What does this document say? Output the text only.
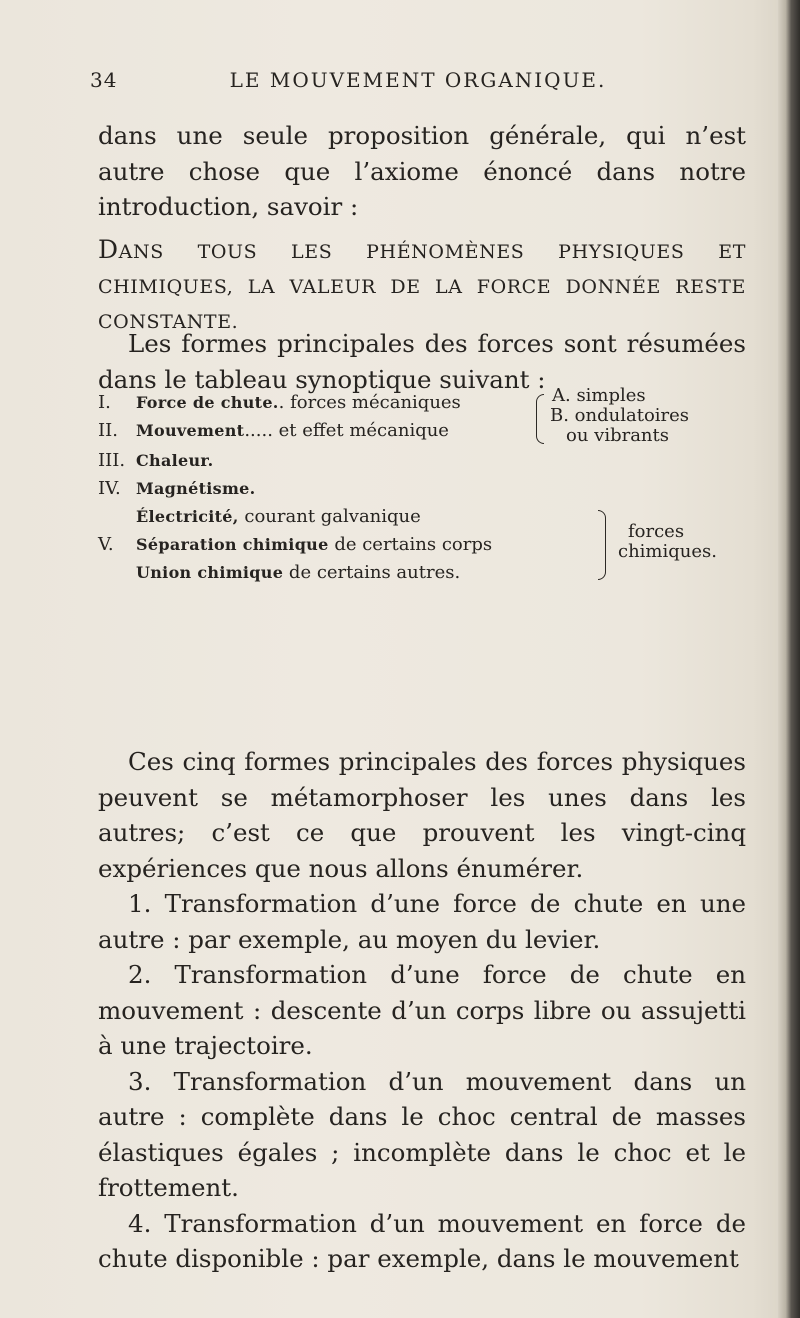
34	LE MOUVEMENT ORGANIQUE.

dans une seule proposition générale, qui n’est autre chose que l’axiome énoncé dans notre introduction, savoir :

DANS TOUS LES PHÉNOMÈNES PHYSIQUES ET CHIMIQUES, LA VALEUR DE LA FORCE DONNÉE RESTE CONSTANTE.

Les formes principales des forces sont résumées dans le tableau synoptique suivant :

I.	Force de chute.. forces mécaniques
II.	Mouvement..... et effet mécanique
III. Chaleur.
IV. Magnétisme.
Électricité, courant galvanique
V.	Séparation chimique de certains corps
Union chimique de certains autres.
A. simples
B. ondulatoires
ou vibrants
forces
chimiques.

Ces cinq formes principales des forces physiques peuvent se métamorphoser les unes dans les autres; c’est ce que prouvent les vingt-cinq expériences que nous allons énumérer.

1. Transformation d’une force de chute en une autre : par exemple, au moyen du levier.

2. Transformation d’une force de chute en mouvement : descente d’un corps libre ou assujetti à une trajectoire.

3. Transformation d’un mouvement dans un autre : complète dans le choc central de masses élastiques égales ; incomplète dans le choc et le frottement.

4. Transformation d’un mouvement en force de chute disponible : par exemple, dans le mouvement
